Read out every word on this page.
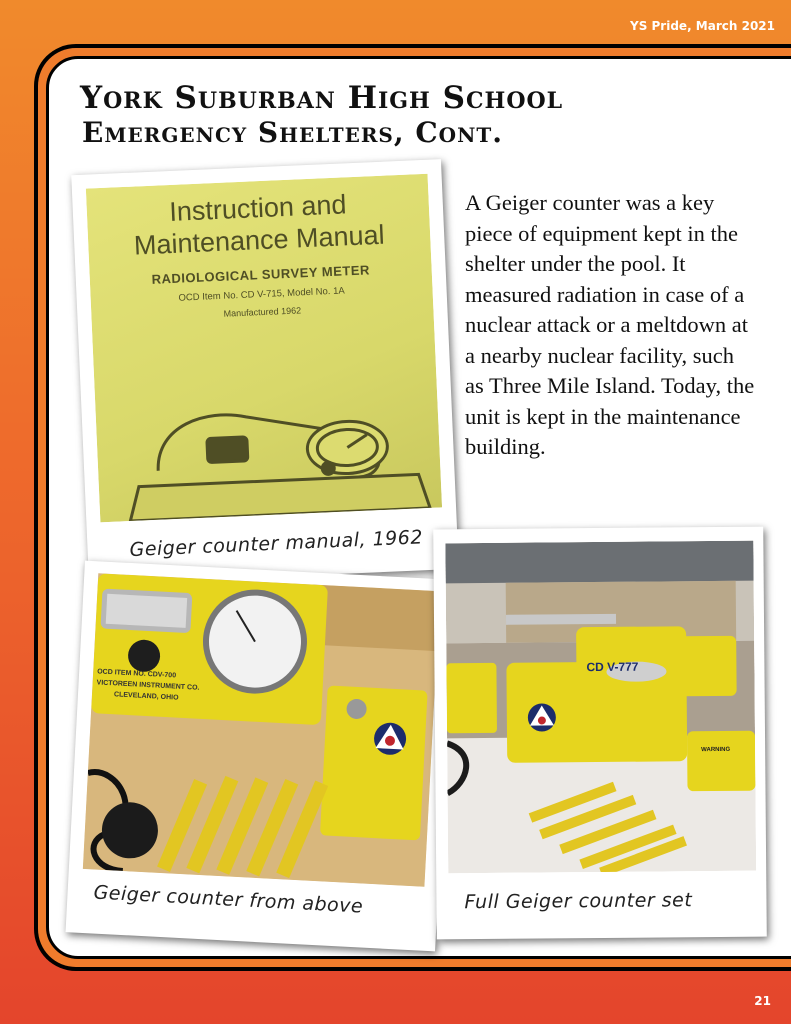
YS Pride, March 2021
York Suburban High School
Emergency Shelters, Cont.

A Geiger counter was a key piece of equipment kept in the shelter under the pool. It measured radiation in case of a nuclear attack or a meltdown at a nearby nuclear facility, such as Three Mile Island. Today, the unit is kept in the maintenance building.

Instruction and
Maintenance Manual
RADIOLOGICAL SURVEY METER
OCD Item No. CD V-715, Model No. 1A
Manufactured 1962
Geiger counter manual, 1962
OCD ITEM NO. CDV-700
VICTOREEN INSTRUMENT CO.
CLEVELAND, OHIO
Geiger counter from above
CD V-777
WARNING
Full Geiger counter set
21
